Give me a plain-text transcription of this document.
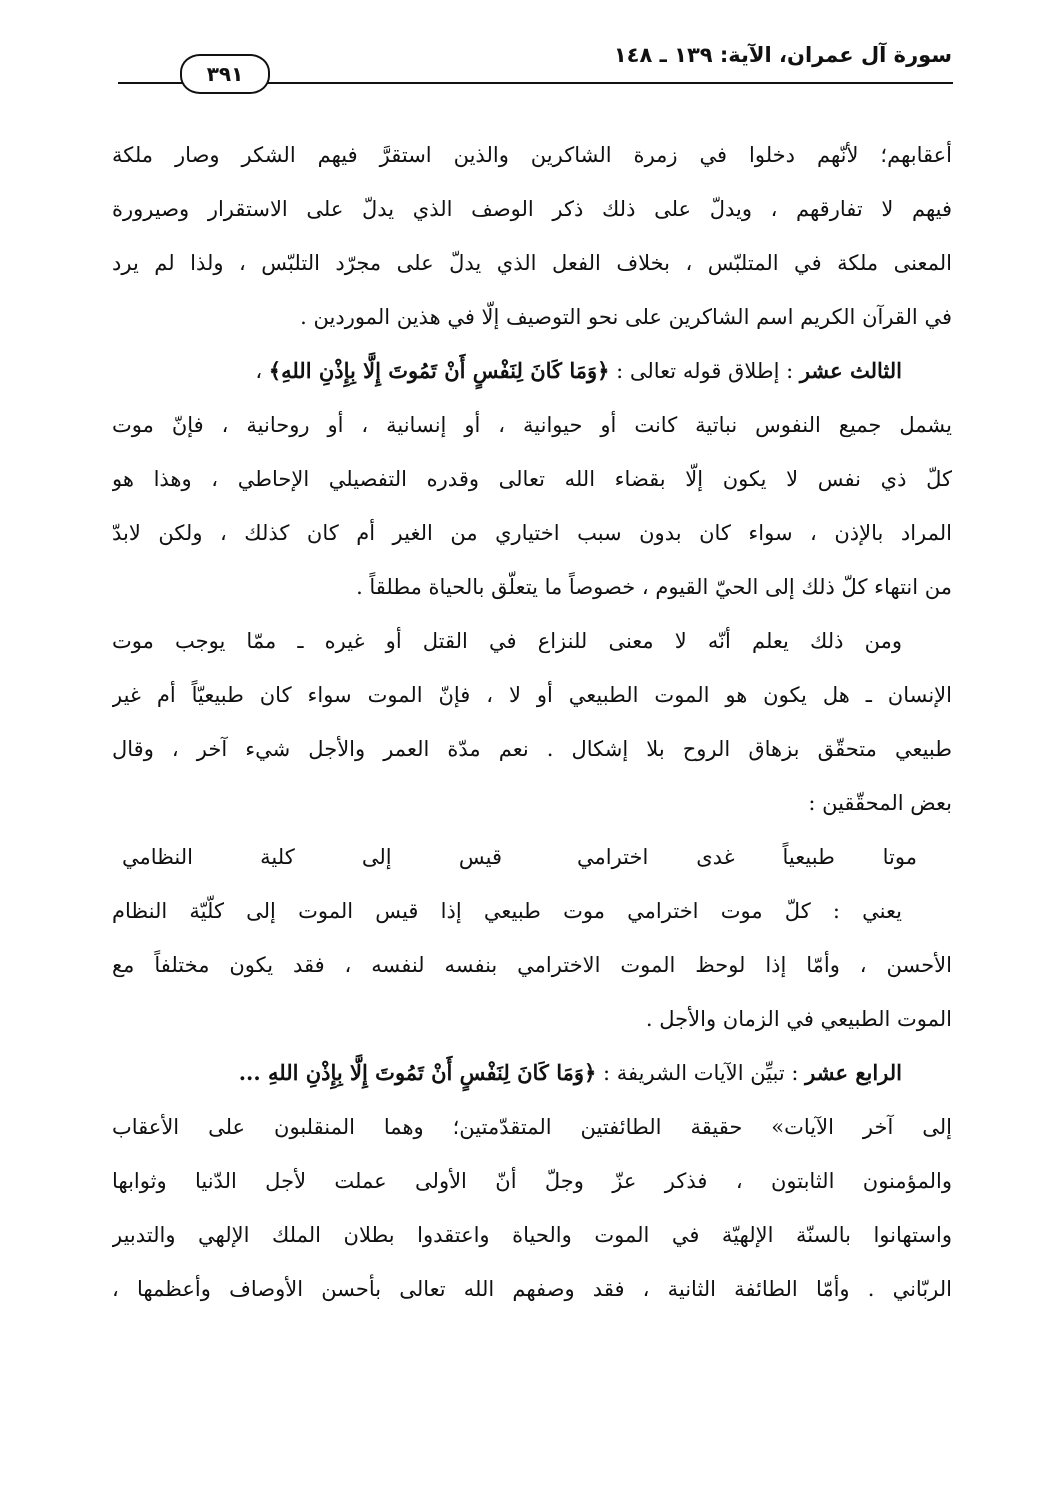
سورة آل عمران، الآية: ١٣٩ ـ ١٤٨
٣٩١
أعقابهم؛ لأنّهم دخلوا في زمرة الشاكرين والذين استقرَّ فيهم الشكر وصار ملكة
فيهم لا تفارقهم ، ويدلّ على ذلك ذكر الوصف الذي يدلّ على الاستقرار وصيرورة
المعنى ملكة في المتلبّس ، بخلاف الفعل الذي يدلّ على مجرّد التلبّس ، ولذا لم يرد
في القرآن الكريم اسم الشاكرين على نحو التوصيف إلّا في هذين الموردين .
الثالث عشر : إطلاق قوله تعالى : ﴿وَمَا كَانَ لِنَفْسٍ أَنْ تَمُوتَ إِلَّا بِإِذْنِ اللهِ﴾ ،
يشمل جميع النفوس نباتية كانت أو حيوانية ، أو إنسانية ، أو روحانية ، فإنّ موت
كلّ ذي نفس لا يكون إلّا بقضاء الله تعالى وقدره التفصيلي الإحاطي ، وهذا هو
المراد بالإذن ، سواء كان بدون سبب اختياري من الغير أم كان كذلك ، ولكن لابدّ
من انتهاء كلّ ذلك إلى الحيّ القيوم ، خصوصاً ما يتعلّق بالحياة مطلقاً .
ومن ذلك يعلم أنّه لا معنى للنزاع في القتل أو غيره ـ ممّا يوجب موت
الإنسان ـ هل يكون هو الموت الطبيعي أو لا ، فإنّ الموت سواء كان طبيعيّاً أم غير
طبيعي متحقّق بزهاق الروح بلا إشكال . نعم مدّة العمر والأجل شيء آخر ، وقال
بعض المحقّقين :
موتا طبيعياً غدى اخترامي
قيس إلى كلية النظامي
يعني : كلّ موت اخترامي موت طبيعي إذا قيس الموت إلى كلّيّة النظام
الأحسن ، وأمّا إذا لوحظ الموت الاخترامي بنفسه لنفسه ، فقد يكون مختلفاً مع
الموت الطبيعي في الزمان والأجل .
الرابع عشر : تبيِّن الآيات الشريفة : ﴿وَمَا كَانَ لِنَفْسٍ أَنْ تَمُوتَ إِلَّا بِإِذْنِ اللهِ ...
إلى آخر الآيات» حقيقة الطائفتين المتقدّمتين؛ وهما المنقلبون على الأعقاب
والمؤمنون الثابتون ، فذكر عزّ وجلّ أنّ الأولى عملت لأجل الدّنيا وثوابها
واستهانوا بالسنّة الإلهيّة في الموت والحياة واعتقدوا بطلان الملك الإلهي والتدبير
الربّاني . وأمّا الطائفة الثانية ، فقد وصفهم الله تعالى بأحسن الأوصاف وأعظمها ،
